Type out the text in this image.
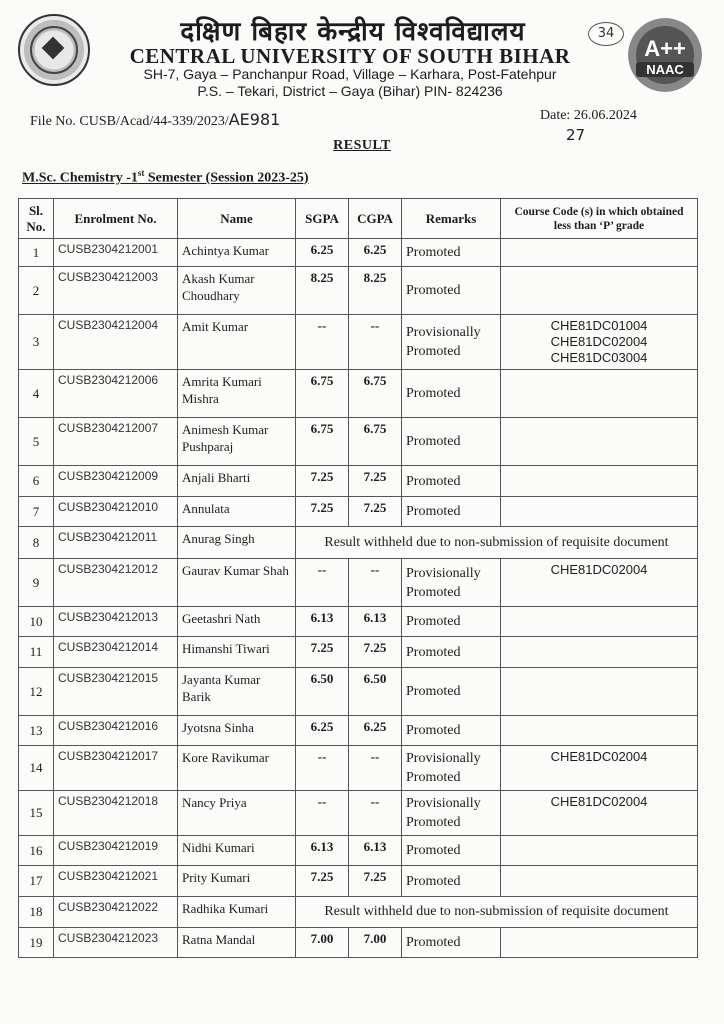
दक्षिण बिहार केन्द्रीय विश्वविद्यालय
CENTRAL UNIVERSITY OF SOUTH BIHAR
SH-7, Gaya – Panchanpur Road, Village – Karhara, Post-Fatehpur
P.S. – Tekari, District – Gaya (Bihar) PIN- 824236
34
A++
NAAC
File No. CUSB/Acad/44-339/2023/AE981	Date: 26.06.2024
27
RESULT
M.Sc. Chemistry -1st Semester (Session 2023-25)
Sl. No.	Enrolment No.	Name	SGPA	CGPA	Remarks	Course Code (s) in which obtained less than ‘P’ grade
1	CUSB2304212001	Achintya Kumar	6.25	6.25	Promoted	
2	CUSB2304212003	Akash Kumar Choudhary	8.25	8.25	Promoted	
3	CUSB2304212004	Amit Kumar	--	--	Provisionally Promoted	CHE81DC01004
CHE81DC02004
CHE81DC03004
4	CUSB2304212006	Amrita Kumari Mishra	6.75	6.75	Promoted	
5	CUSB2304212007	Animesh Kumar Pushparaj	6.75	6.75	Promoted	
6	CUSB2304212009	Anjali Bharti	7.25	7.25	Promoted	
7	CUSB2304212010	Annulata	7.25	7.25	Promoted	
8	CUSB2304212011	Anurag Singh	Result withheld due to non-submission of requisite document			
9	CUSB2304212012	Gaurav Kumar Shah	--	--	Provisionally Promoted	CHE81DC02004
10	CUSB2304212013	Geetashri Nath	6.13	6.13	Promoted	
11	CUSB2304212014	Himanshi Tiwari	7.25	7.25	Promoted	
12	CUSB2304212015	Jayanta Kumar Barik	6.50	6.50	Promoted	
13	CUSB2304212016	Jyotsna Sinha	6.25	6.25	Promoted	
14	CUSB2304212017	Kore Ravikumar	--	--	Provisionally Promoted	CHE81DC02004
15	CUSB2304212018	Nancy Priya	--	--	Provisionally Promoted	CHE81DC02004
16	CUSB2304212019	Nidhi Kumari	6.13	6.13	Promoted	
17	CUSB2304212021	Prity Kumari	7.25	7.25	Promoted	
18	CUSB2304212022	Radhika Kumari	Result withheld due to non-submission of requisite document			
19	CUSB2304212023	Ratna Mandal	7.00	7.00	Promoted	
